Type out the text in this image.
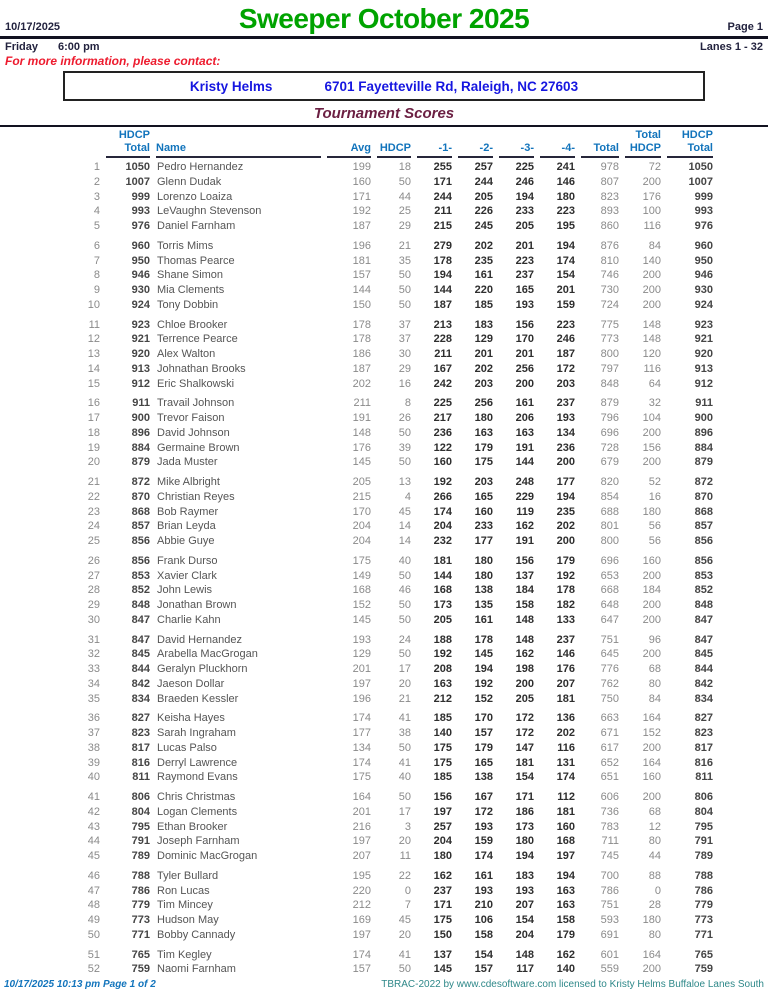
10/17/2025	Sweeper October 2025	Page 1
Friday 6:00 pm	Lanes 1 - 32
For more information, please contact:
Kristy Helms	6701 Fayetteville Rd, Raleigh, NC 27603
Tournament Scores
HDCP
Total Name	Avg HDCP	-1-	-2-	-3-	-4-	Total
Total
HDCP
HDCP
Total
1	1050 Pedro Hernandez	199	18	255	257	225	241	978	72	1050
2	1007 Glenn Dudak	160	50	171	244	246	146	807	200	1007
3	999 Lorenzo Loaiza	171	44	244	205	194	180	823	176	999
4	993 LeVaughn Stevenson	192	25	211	226	233	223	893	100	993
5	976 Daniel Farnham	187	29	215	245	205	195	860	116	976
6	960 Torris Mims	196	21	279	202	201	194	876	84	960
7	950 Thomas Pearce	181	35	178	235	223	174	810	140	950
8	946 Shane Simon	157	50	194	161	237	154	746	200	946
9	930 Mia Clements	144	50	144	220	165	201	730	200	930
10	924 Tony Dobbin	150	50	187	185	193	159	724	200	924
11	923 Chloe Brooker	178	37	213	183	156	223	775	148	923
12	921 Terrence Pearce	178	37	228	129	170	246	773	148	921
13	920 Alex Walton	186	30	211	201	201	187	800	120	920
14	913 Johnathan Brooks	187	29	167	202	256	172	797	116	913
15	912 Eric Shalkowski	202	16	242	203	200	203	848	64	912
16	911 Travail Johnson	211	8	225	256	161	237	879	32	911
17	900 Trevor Faison	191	26	217	180	206	193	796	104	900
18	896 David Johnson	148	50	236	163	163	134	696	200	896
19	884 Germaine Brown	176	39	122	179	191	236	728	156	884
20	879 Jada Muster	145	50	160	175	144	200	679	200	879
21	872 Mike Albright	205	13	192	203	248	177	820	52	872
22	870 Christian Reyes	215	4	266	165	229	194	854	16	870
23	868 Bob Raymer	170	45	174	160	119	235	688	180	868
24	857 Brian Leyda	204	14	204	233	162	202	801	56	857
25	856 Abbie Guye	204	14	232	177	191	200	800	56	856
26	856 Frank Durso	175	40	181	180	156	179	696	160	856
27	853 Xavier Clark	149	50	144	180	137	192	653	200	853
28	852 John Lewis	168	46	168	138	184	178	668	184	852
29	848 Jonathan Brown	152	50	173	135	158	182	648	200	848
30	847 Charlie Kahn	145	50	205	161	148	133	647	200	847
31	847 David Hernandez	193	24	188	178	148	237	751	96	847
32	845 Arabella MacGrogan	129	50	192	145	162	146	645	200	845
33	844 Geralyn Pluckhorn	201	17	208	194	198	176	776	68	844
34	842 Jaeson Dollar	197	20	163	192	200	207	762	80	842
35	834 Braeden Kessler	196	21	212	152	205	181	750	84	834
36	827 Keisha Hayes	174	41	185	170	172	136	663	164	827
37	823 Sarah Ingraham	177	38	140	157	172	202	671	152	823
38	817 Lucas Palso	134	50	175	179	147	116	617	200	817
39	816 Derryl Lawrence	174	41	175	165	181	131	652	164	816
40	811 Raymond Evans	175	40	185	138	154	174	651	160	811
41	806 Chris Christmas	164	50	156	167	171	112	606	200	806
42	804 Logan Clements	201	17	197	172	186	181	736	68	804
43	795 Ethan Brooker	216	3	257	193	173	160	783	12	795
44	791 Joseph Farnham	197	20	204	159	180	168	711	80	791
45	789 Dominic MacGrogan	207	11	180	174	194	197	745	44	789
46	788 Tyler Bullard	195	22	162	161	183	194	700	88	788
47	786 Ron Lucas	220	0	237	193	193	163	786	0	786
48	779 Tim Mincey	212	7	171	210	207	163	751	28	779
49	773 Hudson May	169	45	175	106	154	158	593	180	773
50	771 Bobby Cannady	197	20	150	158	204	179	691	80	771
51	765 Tim Kegley	174	41	137	154	148	162	601	164	765
52	759 Naomi Farnham	157	50	145	157	117	140	559	200	759
10/17/2025 10:13 pm Page 1 of 2	TBRAC-2022 by www.cdesoftware.com licensed to Kristy Helms Buffaloe Lanes South
